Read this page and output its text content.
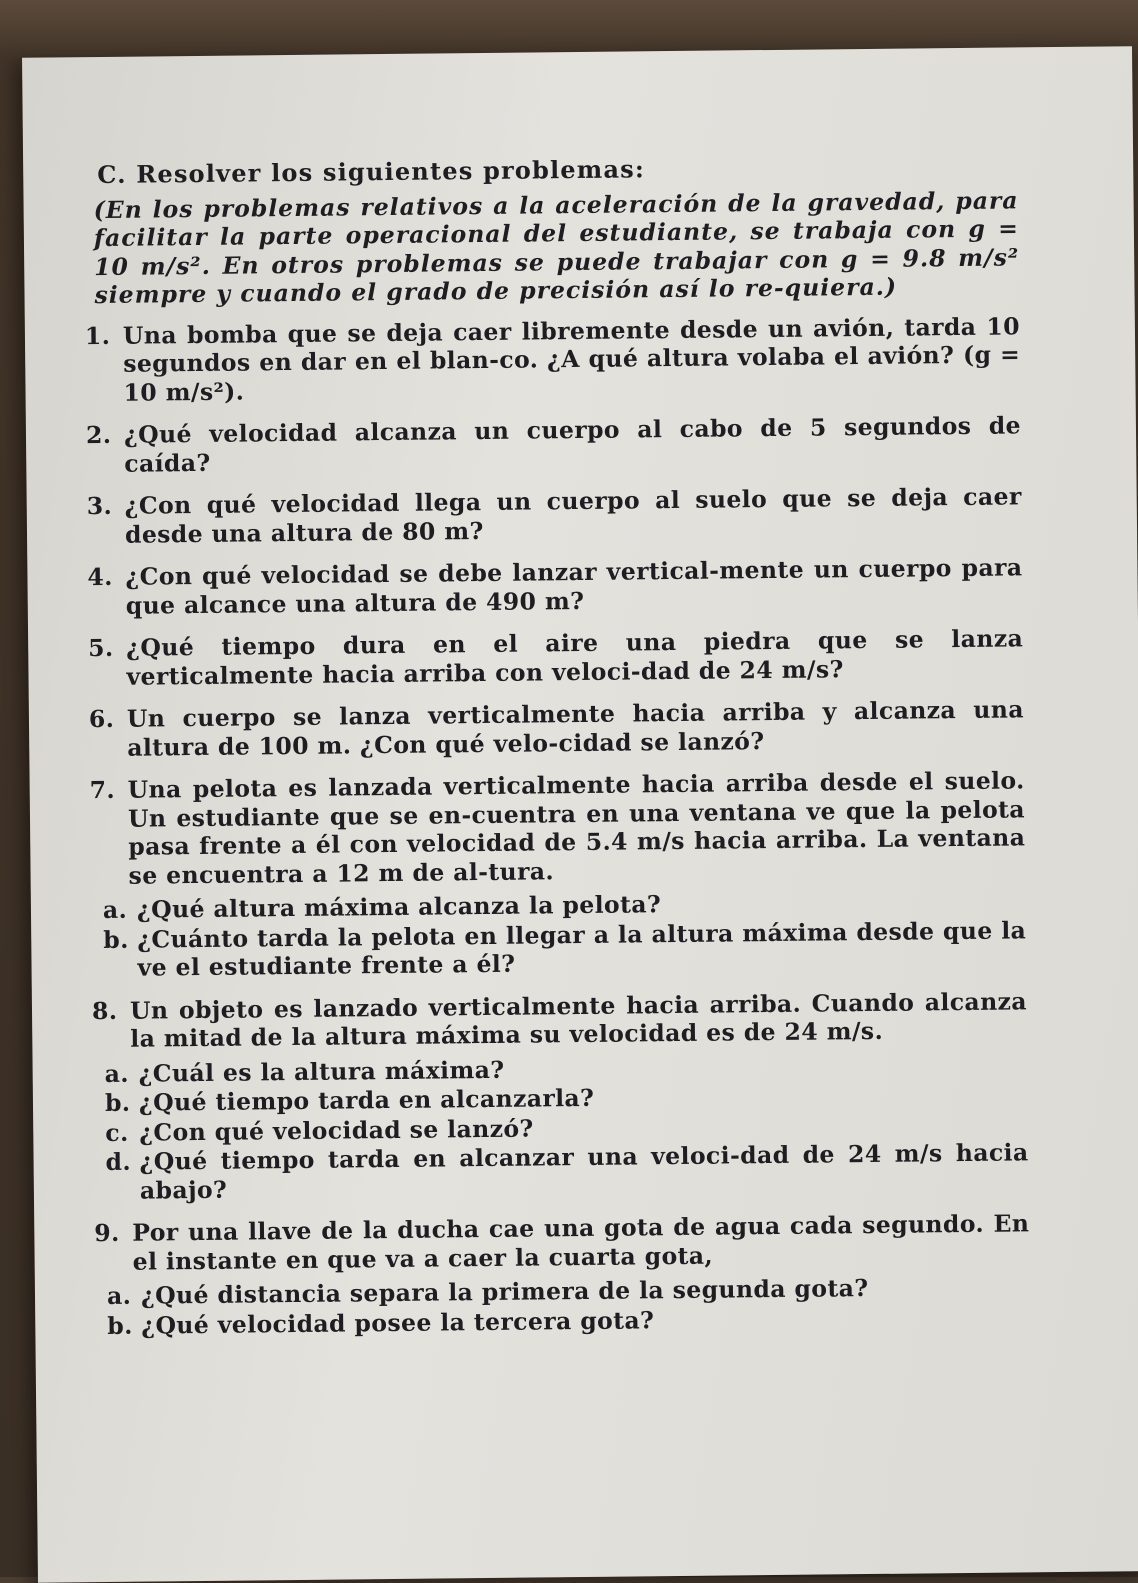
C. Resolver los siguientes problemas:
(En los problemas relativos a la aceleración de la gravedad, para facilitar la parte operacional del estudiante, se trabaja con g = 10 m/s². En otros problemas se puede trabajar con g = 9.8 m/s² siempre y cuando el grado de precisión así lo re-quiera.)
1. Una bomba que se deja caer libremente desde un avión, tarda 10 segundos en dar en el blan-co. ¿A qué altura volaba el avión? (g = 10 m/s²).
2. ¿Qué velocidad alcanza un cuerpo al cabo de 5 segundos de caída?
3. ¿Con qué velocidad llega un cuerpo al suelo que se deja caer desde una altura de 80 m?
4. ¿Con qué velocidad se debe lanzar vertical-mente un cuerpo para que alcance una altura de 490 m?
5. ¿Qué tiempo dura en el aire una piedra que se lanza verticalmente hacia arriba con veloci-dad de 24 m/s?
6. Un cuerpo se lanza verticalmente hacia arriba y alcanza una altura de 100 m. ¿Con qué velo-cidad se lanzó?
7. Una pelota es lanzada verticalmente hacia arriba desde el suelo. Un estudiante que se en-cuentra en una ventana ve que la pelota pasa frente a él con velocidad de 5.4 m/s hacia arriba. La ventana se encuentra a 12 m de al-tura.
a. ¿Qué altura máxima alcanza la pelota?
b. ¿Cuánto tarda la pelota en llegar a la altura máxima desde que la ve el estudiante frente a él?
8. Un objeto es lanzado verticalmente hacia arriba. Cuando alcanza la mitad de la altura máxima su velocidad es de 24 m/s.
a. ¿Cuál es la altura máxima?
b. ¿Qué tiempo tarda en alcanzarla?
c. ¿Con qué velocidad se lanzó?
d. ¿Qué tiempo tarda en alcanzar una veloci-dad de 24 m/s hacia abajo?
9. Por una llave de la ducha cae una gota de agua cada segundo. En el instante en que va a caer la cuarta gota,
a. ¿Qué distancia separa la primera de la segunda gota?
b. ¿Qué velocidad posee la tercera gota?
